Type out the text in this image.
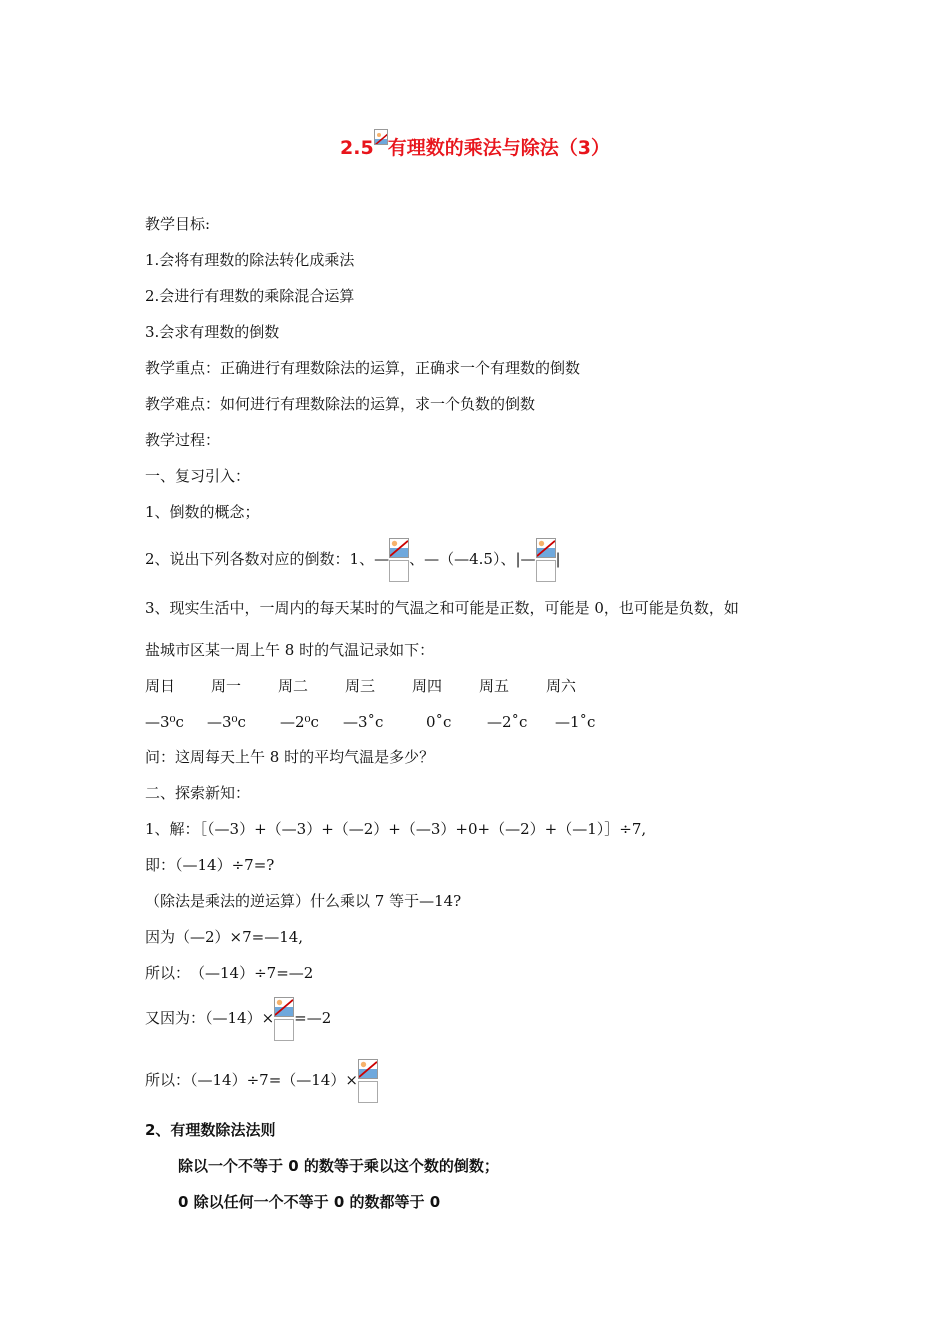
2.5 有理数的乘法与除法（3）
教学目标:
1.会将有理数的除法转化成乘法
2.会进行有理数的乘除混合运算
3.会求有理数的倒数
教学重点：正确进行有理数除法的运算，正确求一个有理数的倒数
教学难点：如何进行有理数除法的运算，求一个负数的倒数
教学过程：
一、复习引入：
1、倒数的概念；
2、说出下列各数对应的倒数：1、— 、—（—4.5）、|— |
3、现实生活中，一周内的每天某时的气温之和可能是正数，可能是 0，也可能是负数，如
盐城市区某一周上午 8 时的气温记录如下：
周日 周一 周二 周三 周四 周五 周六
—3⁰c —3⁰c —2⁰c —3˚c	0˚c —2˚c —1˚c
问：这周每天上午 8 时的平均气温是多少？
二、探索新知：
1、解：［（—3）+（—3）+（—2）+（—3）+0+（—2）+（—1）］÷7,
即：（—14）÷7=?
（除法是乘法的逆运算）什么乘以 7 等于—14?
因为（—2）×7=—14,
所以：　（—14）÷7=—2
又因为：（—14）× =—2
所以：（—14）÷7=（—14）×
2、有理数除法法则
除以一个不等于 0 的数等于乘以这个数的倒数；
0 除以任何一个不等于 0 的数都等于 0
